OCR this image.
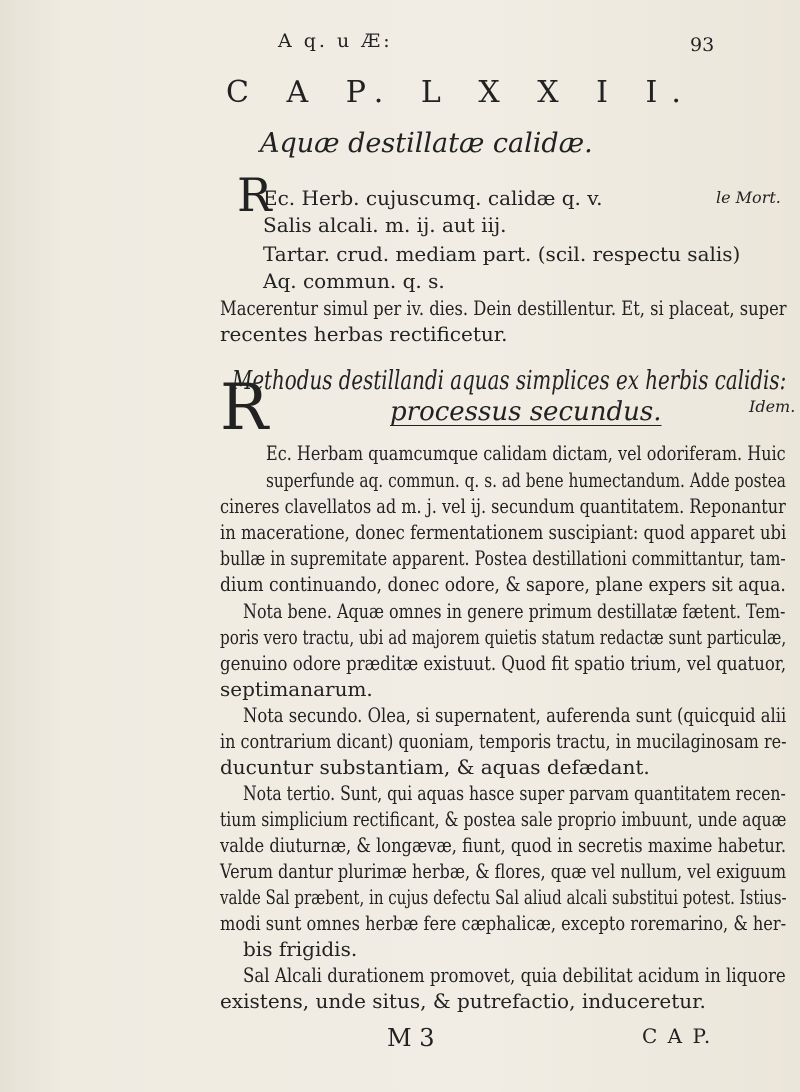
A q. u Æ:	93
C A P. L X X I I.
Aquæ destillatæ calidæ.
le Mort.
R
Ec. Herb. cujuscumq. calidæ q. v.
Salis alcali. m. ij. aut iij.
Tartar. crud. mediam part. (scil. respectu salis)
Aq. commun. q. s.
Macerentur simul per iv. dies. Dein destillentur. Et, si placeat, super
recentes herbas rectificetur.
Methodus destillandi aquas simplices ex herbis calidis:
processus secundus.	Idem.
R
Ec. Herbam quamcumque calidam dictam, vel odoriferam. Huic
superfunde aq. commun. q. s. ad bene humectandum. Adde postea
cineres clavellatos ad m. j. vel ij. secundum quantitatem. Reponantur
in maceratione, donec fermentationem suscipiant: quod apparet ubi
bullæ in supremitate apparent. Postea destillationi committantur, tam-
dium continuando, donec odore, & sapore, plane expers sit aqua.
Nota bene. Aquæ omnes in genere primum destillatæ fætent. Tem-
poris vero tractu, ubi ad majorem quietis statum redactæ sunt particulæ,
genuino odore præditæ existuut. Quod fit spatio trium, vel quatuor,
septimanarum.
Nota secundo. Olea, si supernatent, auferenda sunt (quicquid alii
in contrarium dicant) quoniam, temporis tractu, in mucilaginosam re-
ducuntur substantiam, & aquas defædant.
Nota tertio. Sunt, qui aquas hasce super parvam quantitatem recen-
tium simplicium rectificant, & postea sale proprio imbuunt, unde aquæ
valde diuturnæ, & longævæ, fiunt, quod in secretis maxime habetur.
Verum dantur plurimæ herbæ, & flores, quæ vel nullum, vel exiguum
valde Sal præbent, in cujus defectu Sal aliud alcali substitui potest. Istius-
modi sunt omnes herbæ fere cæphalicæ, excepto roremarino, & her-
bis frigidis.
Sal Alcali durationem promovet, quia debilitat acidum in liquore
existens, unde situs, & putrefactio, induceretur.
M 3	C A P.
